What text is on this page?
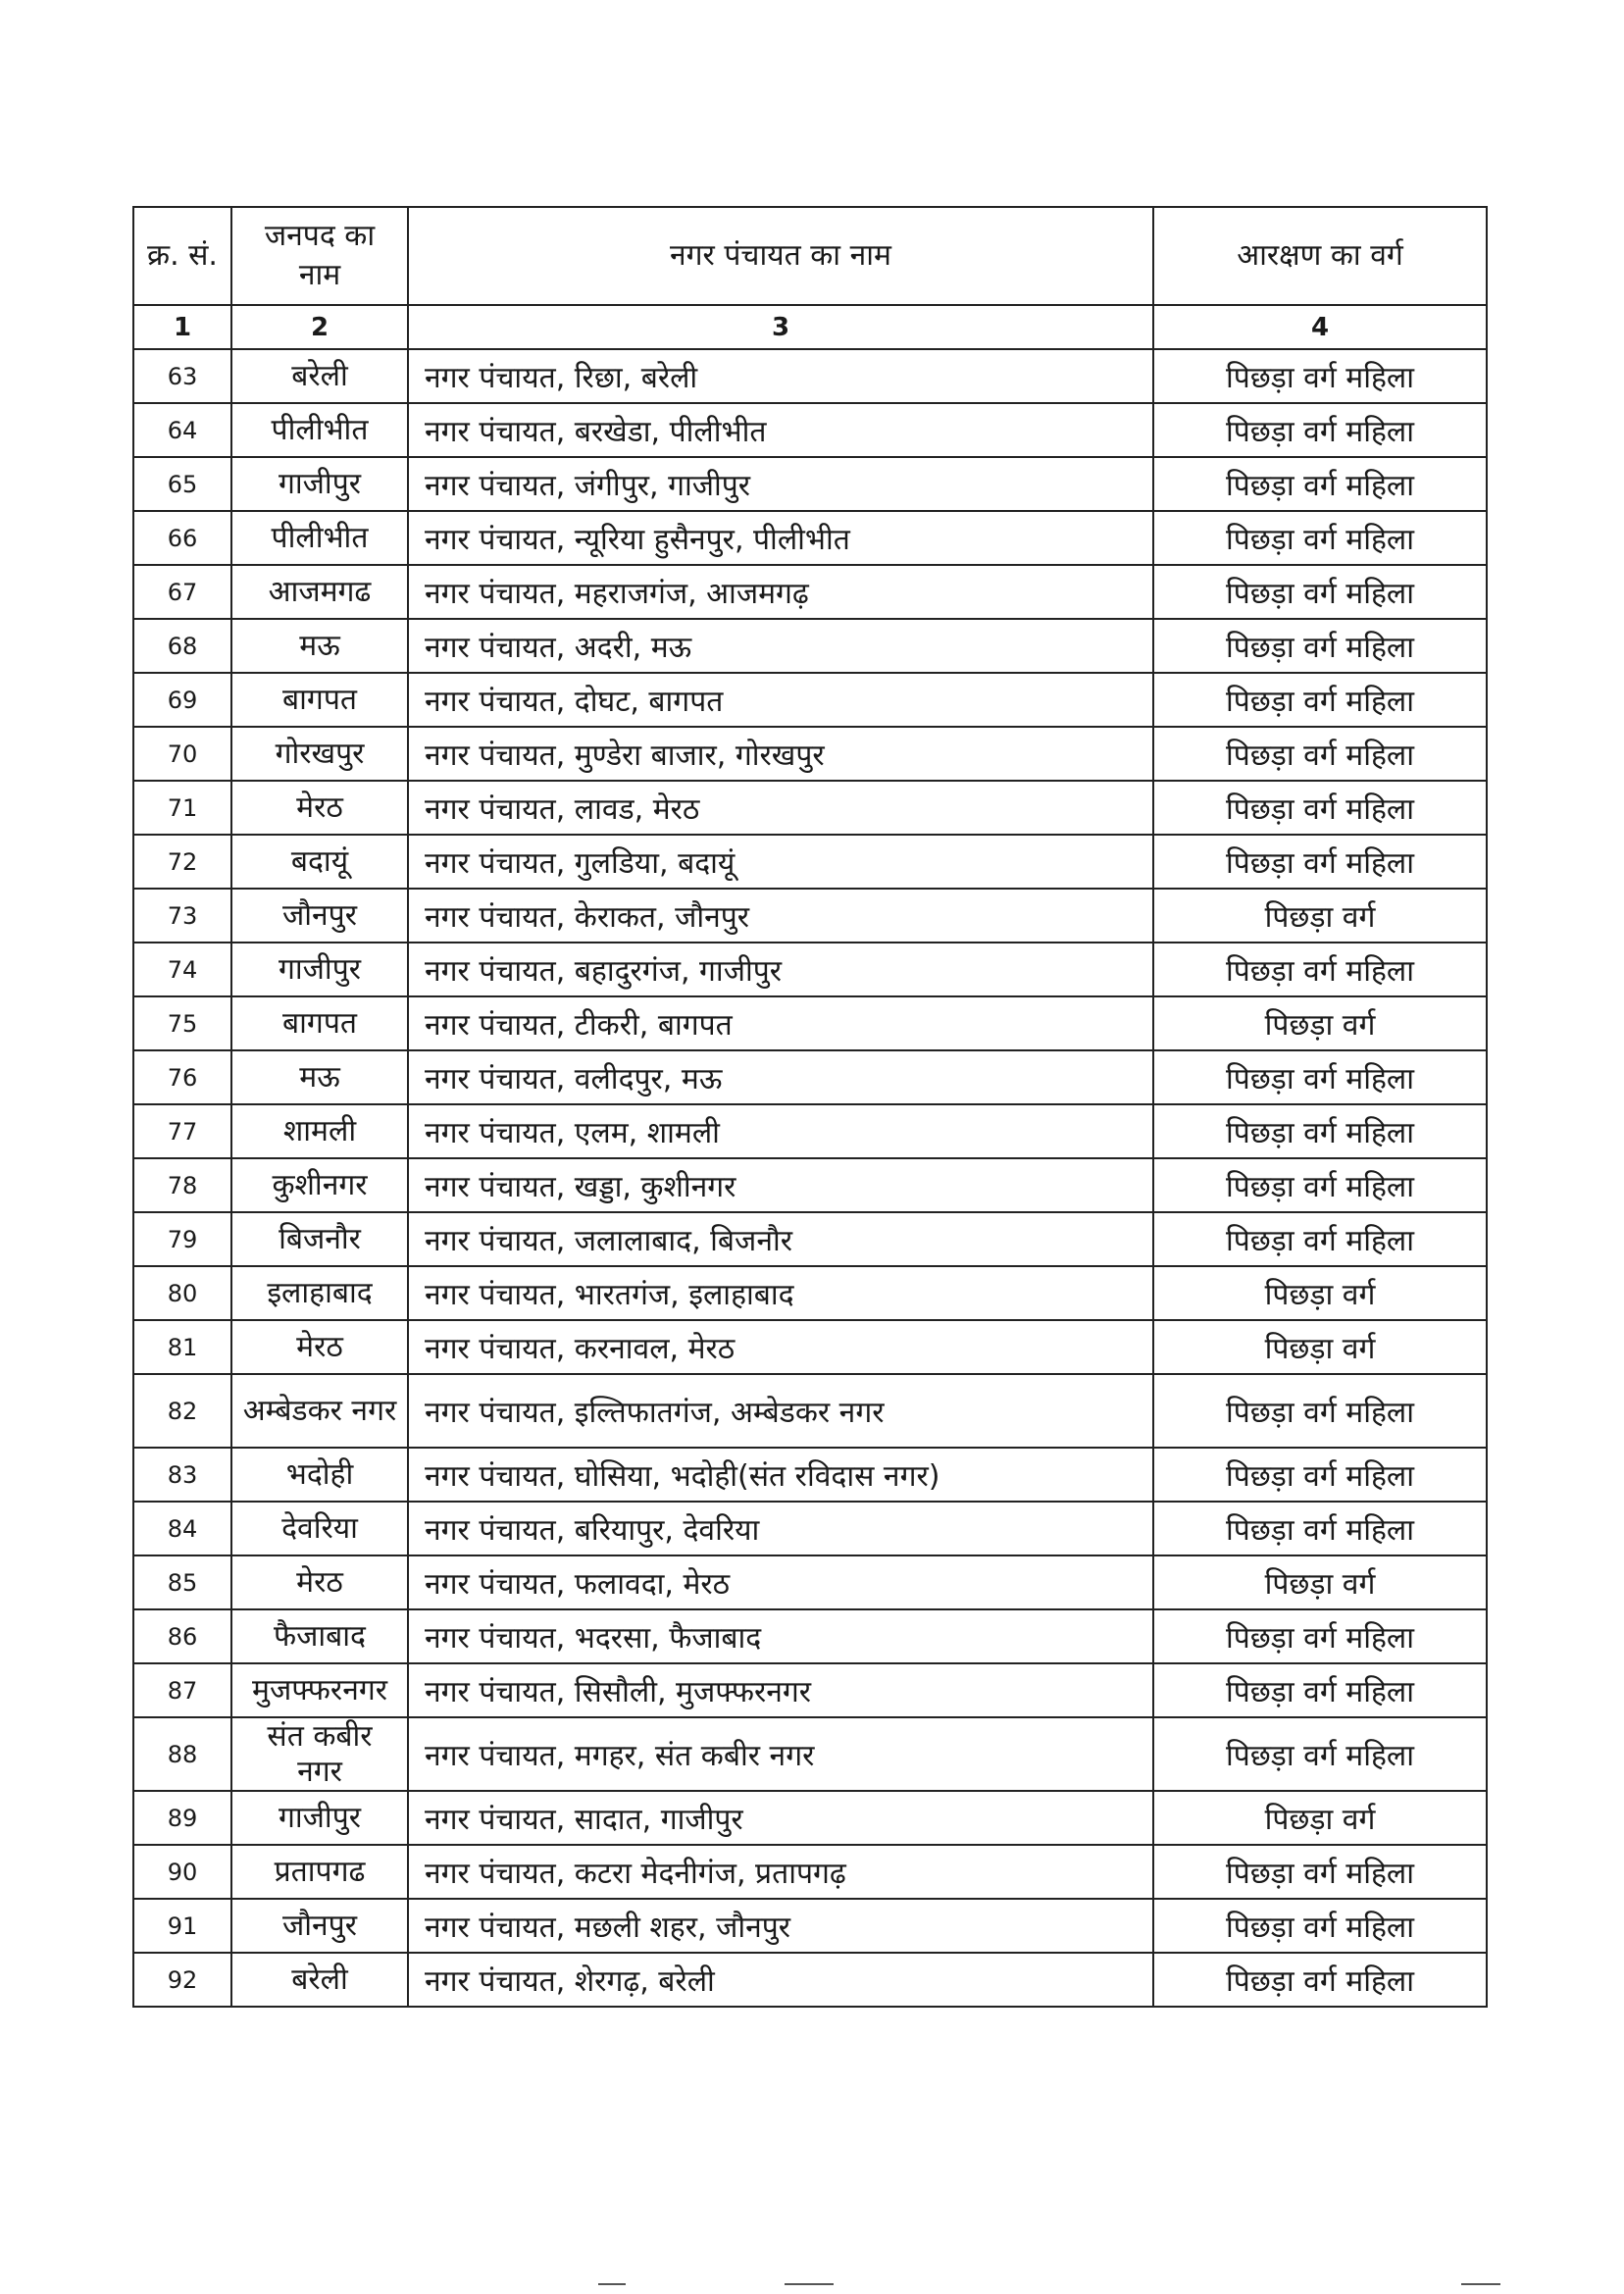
क्र. सं.	जनपद का नाम	नगर पंचायत का नाम	आरक्षण का वर्ग
1	2	3	4
63	बरेली	नगर पंचायत, रिछा, बरेली	पिछड़ा वर्ग महिला
64	पीलीभीत	नगर पंचायत, बरखेडा, पीलीभीत	पिछड़ा वर्ग महिला
65	गाजीपुर	नगर पंचायत, जंगीपुर, गाजीपुर	पिछड़ा वर्ग महिला
66	पीलीभीत	नगर पंचायत, न्यूरिया हुसैनपुर, पीलीभीत	पिछड़ा वर्ग महिला
67	आजमगढ	नगर पंचायत, महराजगंज, आजमगढ़	पिछड़ा वर्ग महिला
68	मऊ	नगर पंचायत, अदरी, मऊ	पिछड़ा वर्ग महिला
69	बागपत	नगर पंचायत, दोघट, बागपत	पिछड़ा वर्ग महिला
70	गोरखपुर	नगर पंचायत, मुण्डेरा बाजार, गोरखपुर	पिछड़ा वर्ग महिला
71	मेरठ	नगर पंचायत, लावड, मेरठ	पिछड़ा वर्ग महिला
72	बदायूं	नगर पंचायत, गुलडिया, बदायूं	पिछड़ा वर्ग महिला
73	जौनपुर	नगर पंचायत, केराकत, जौनपुर	पिछड़ा वर्ग
74	गाजीपुर	नगर पंचायत, बहादुरगंज, गाजीपुर	पिछड़ा वर्ग महिला
75	बागपत	नगर पंचायत, टीकरी, बागपत	पिछड़ा वर्ग
76	मऊ	नगर पंचायत, वलीदपुर, मऊ	पिछड़ा वर्ग महिला
77	शामली	नगर पंचायत, एलम, शामली	पिछड़ा वर्ग महिला
78	कुशीनगर	नगर पंचायत, खड्डा, कुशीनगर	पिछड़ा वर्ग महिला
79	बिजनौर	नगर पंचायत, जलालाबाद, बिजनौर	पिछड़ा वर्ग महिला
80	इलाहाबाद	नगर पंचायत, भारतगंज, इलाहाबाद	पिछड़ा वर्ग
81	मेरठ	नगर पंचायत, करनावल, मेरठ	पिछड़ा वर्ग
82	अम्बेडकर नगर	नगर पंचायत, इल्तिफातगंज, अम्बेडकर नगर	पिछड़ा वर्ग महिला
83	भदोही	नगर पंचायत, घोसिया, भदोही(संत रविदास नगर)	पिछड़ा वर्ग महिला
84	देवरिया	नगर पंचायत, बरियापुर, देवरिया	पिछड़ा वर्ग महिला
85	मेरठ	नगर पंचायत, फलावदा, मेरठ	पिछड़ा वर्ग
86	फैजाबाद	नगर पंचायत, भदरसा, फैजाबाद	पिछड़ा वर्ग महिला
87	मुजफ्फरनगर	नगर पंचायत, सिसौली, मुजफ्फरनगर	पिछड़ा वर्ग महिला
88	संत कबीर नगर	नगर पंचायत, मगहर, संत कबीर नगर	पिछड़ा वर्ग महिला
89	गाजीपुर	नगर पंचायत, सादात, गाजीपुर	पिछड़ा वर्ग
90	प्रतापगढ	नगर पंचायत, कटरा मेदनीगंज, प्रतापगढ़	पिछड़ा वर्ग महिला
91	जौनपुर	नगर पंचायत, मछली शहर, जौनपुर	पिछड़ा वर्ग महिला
92	बरेली	नगर पंचायत, शेरगढ़, बरेली	पिछड़ा वर्ग महिला
